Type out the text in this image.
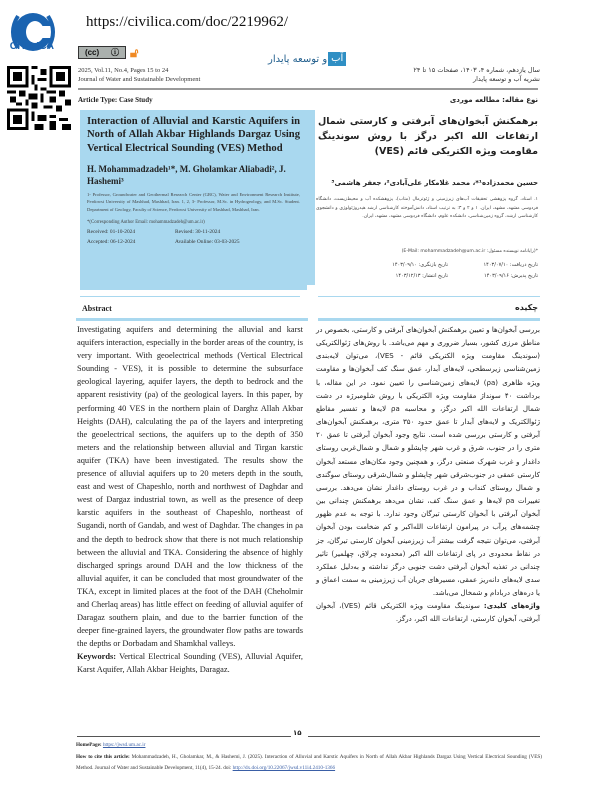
CIVILICA
https://civilica.com/doc/2219962/
(cc) ⓘ 🔓︎
2025, Vol.11, No.4, Pages 15 to 24
Journal of Water and Sustainable Development
آب
و توسعه پایدار
سال یازدهم، شماره ۴، ۱۴۰۳، صفحات ۱۵ تا ۲۴
نشریه آب و توسعه پایدار
Article Type: Case Study	نوع مقاله: مطالعه موردی
Interaction of Alluvial and Karstic Aquifers in North of Allah Akbar Highlands Dargaz Using Vertical Electrical Sounding (VES) Method
H. Mohammadzadeh¹*, M. Gholamkar Aliabadi², J. Hashemi³
1- Professor, Groundwater and Geothermal Research Center (GRC), Water and Environment Research Institute, Ferdowsi University of Mashhad, Mashhad, Iran. 1, 2, 3- Professor, M.Sc. in Hydrogeology, and M.Sc. Student. Department of Geology, Faculty of Science, Ferdowsi University of Mashhad, Mashhad, Iran.
*(Corresponding Author Email: mohammadzadeh@um.ac.ir)
Received: 01-10-2024	Revised: 30-11-2024
Accepted: 06-12-2024	Available Online: 03-03-2025
برهمکنش آبخوان‌های آبرفتی و کارستی شمال ارتفاعات الله اکبر درگز با روش سوندینگ مقاومت ویژه الکتریکی قائم (VES)
حسین محمدزاده¹*، محمد غلامکار علی‌آبادی²، جعفر هاشمی³
۱. استاد، گروه پژوهشی تحقیقات آب‌های زیرزمینی و ژئوترمال (متاب)، پژوهشکده آب و محیط‌زیست، دانشگاه فردوسی مشهد، مشهد، ایران. ۱ و ۲ و ۳: به ترتیب استاد، دانش‌آموخته کارشناسی ارشد هیدروژئولوژی و دانشجوی کارشناسی ارشد، گروه زمین‌شناسی، دانشکده علوم، دانشگاه فردوسی مشهد، مشهد، ایران.
*(رایانامه نویسنده مسئول: E-Mail: mohammadzadeh@um.ac.ir)
تاریخ دریافت: ۱۴۰۳/۰۷/۱۰
تاریخ بازنگری: ۱۴۰۳/۰۹/۱۰
تاریخ پذیرش: ۱۴۰۳/۰۹/۱۶
تاریخ انتشار: ۱۴۰۳/۱۲/۱۳
Abstract	چکیده
Investigating aquifers and determining the alluvial and karst aquifers interaction, especially in the border areas of the country, is very important. With geoelectrical methods (Vertical Electrical Sounding - VES), it is possible to determine the subsurface geological layering, aquifer layers, the depth to bedrock and the apparent resistivity (ρa) of the geological layers. In this paper, by performing 40 VES in the northern plain of Darghz Allah Akbar Heights (DAH), calculating the ρa of the layers and interpreting the geoelectrical sections, the aquifers up to the depth of 350 meters and the relationship between alluvial and Tirgan karstic aquifer (TKA) have been investigated. The results show the presence of alluvial aquifers up to 20 meters depth in the south, east and west of Chapeshlo, north and northwest of Daghdar and west of Dargaz industrial town, as well as the presence of deep karstic aquifers in the southeast of Chapeshlo, northeast of Sugandi, north of Gandab, and west of Daghdar. The changes in ρa and the depth to bedrock show that there is not much relationship between the alluvial and TKA. Considering the absence of highly discharged springs around DAH and the low thickness of the alluvial aquifer, it can be concluded that most groundwater of the TKA, except in limited places at the foot of the DAH (Cheholmir and Cherlaq areas) has little effect on feeding of alluvial aquifer of Daragaz southern plain, and due to the barrier function of the deeper fine-grained layers, the groundwater flow paths are towards the depths or Dorbadam and Shamkhal valleys.
Keywords: Vertical Electrical Sounding (VES), Alluvial Aquifer, Karst Aquifer, Allah Akbar Heights, Daragaz.
بررسی آبخوان‌ها و تعیین برهمکنش آبخوان‌های آبرفتی و کارستی، بخصوص در مناطق مرزی کشور، بسیار ضروری و مهم می‌باشد. با روش‌های ژئوالکتریکی (سوندینگ مقاومت ویژه الکتریکی قائم - VES)، می‌توان لایه‌بندی زمین‌شناسی زیرسطحی، لایه‌های آبدار، عمق سنگ کف آبخوان‌ها و مقاومت ویژه ظاهری (ρa) لایه‌های زمین‌شناسی را تعیین نمود. در این مقاله، با برداشت ۴۰ سونداژ مقاومت ویژه الکتریکی با روش شلومبرژه در دشت شمال ارتفاعات الله اکبر درگز، و محاسبه ρa لایه‌ها و تفسیر مقاطع ژئوالکتریک و لایه‌های آبدار تا عمق حدود ۳۵۰ متری، برهمکنش آبخوان‌های آبرفتی و کارستی بررسی شده است. نتایج وجود آبخوان آبرفتی تا عمق ۲۰ متری را در جنوب، شرق و غرب شهر چاپشلو و شمال و شمال‌غربی روستای داغدار و غرب شهرک صنعتی درگز، و همچنین وجود مکان‌های مستعد آبخوان کارستی عمقی در جنوب‌شرقی شهر چاپشلو و شمال‌شرقی روستای سوگندی و شمال روستای کنداب و در غرب روستای داغدار نشان می‌دهد. بررسی تغییرات ρa لایه‌ها و عمق سنگ کف، نشان می‌دهد برهمکنش چندانی بین آبخوان آبرفتی با آبخوان کارستی تیرگان وجود ندارد. با توجه به عدم ظهور چشمه‌های پرآب در پیرامون ارتفاعات الله‌اکبر و کم ضخامت بودن آبخوان آبرفتی، می‌توان نتیجه گرفت بیشتر آب زیرزمینی آبخوان کارستی تیرگان، جز در نقاط محدودی در پای ارتفاعات الله اکبر (محدوده چرلاق، چهلمیر) تاثیر چندانی در تغذیه آبخوان آبرفتی دشت جنوبی درگز نداشته و به‌دلیل عملکرد سدی لایه‌های دانه‌ریز عمقی، مسیرهای جریان آب زیرزمینی به سمت اعماق و یا دره‌های دربادام و شمخال می‌باشد.
واژه‌های کلیدی: سوندینگ مقاومت ویژه الکتریکی قائم (VES)، آبخوان آبرفتی، آبخوان کارستی، ارتفاعات الله اکبر، درگز.
۱۵
HomePage: https://jwsd.um.ac.ir
How to cite this article: Mohammadzadeh, H., Gholamkar, M., & Hashemi, J. (2025). Interaction of Alluvial and Karstic Aquifers in North of Allah Akbar Highlands Dargaz Using Vertical Electrical Sounding (VES) Method. Journal of Water and Sustainable Development, 11(4), 15-24. doi: http://dx.doi.org/10.22067/jwsd.v11i4.2410-1366
